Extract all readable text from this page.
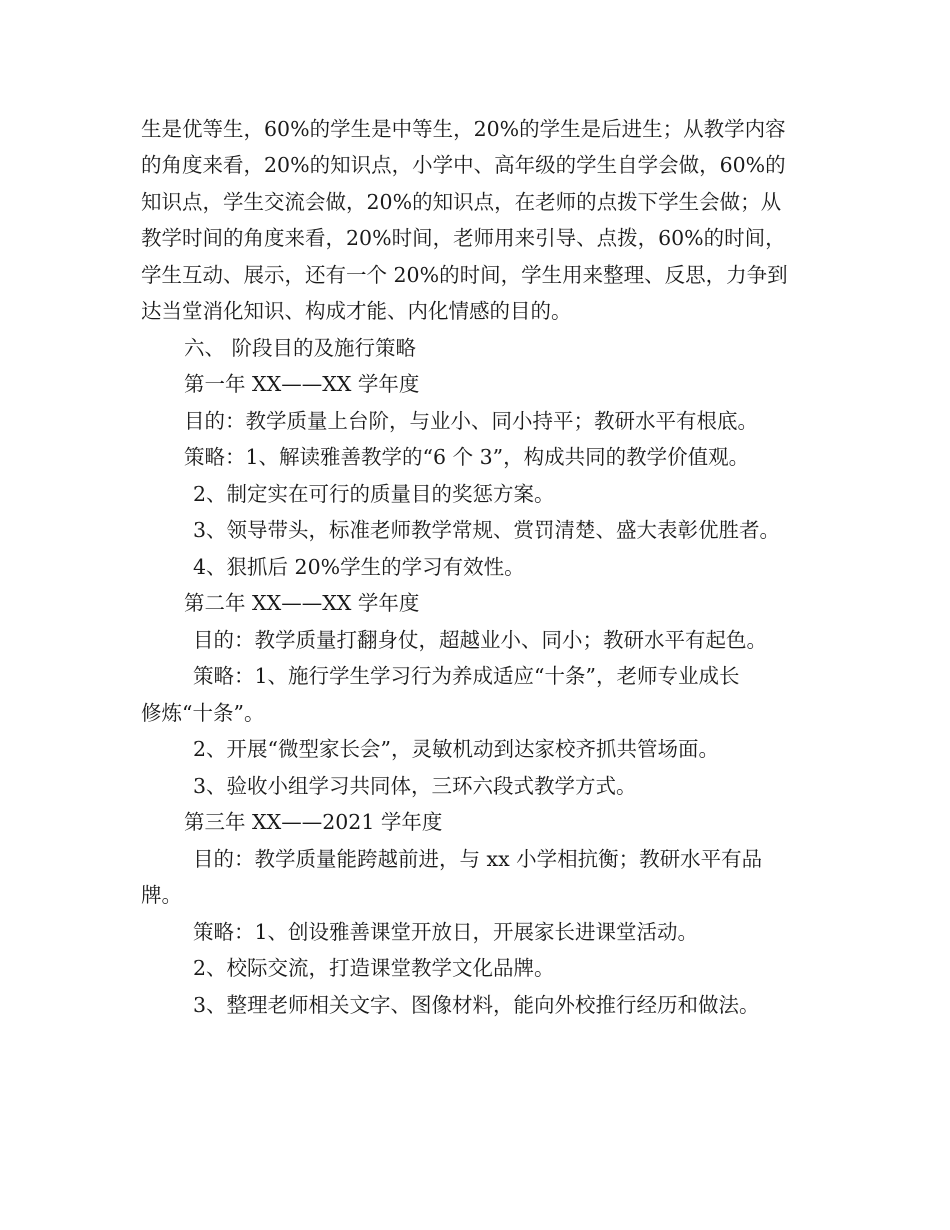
生是优等生，60%的学生是中等生，20%的学生是后进生；从教学内容
的角度来看，20%的知识点，小学中、高年级的学生自学会做，60%的
知识点，学生交流会做，20%的知识点，在老师的点拨下学生会做；从
教学时间的角度来看，20%时间，老师用来引导、点拨，60%的时间，
学生互动、展示，还有一个 20%的时间，学生用来整理、反思，力争到
达当堂消化知识、构成才能、内化情感的目的。
六、 阶段目的及施行策略
第一年 XX——XX 学年度
目的：教学质量上台阶，与业小、同小持平；教研水平有根底。
策略：1、解读雅善教学的“6 个 3”，构成共同的教学价值观。
2、制定实在可行的质量目的奖惩方案。
3、领导带头，标准老师教学常规、赏罚清楚、盛大表彰优胜者。
4、狠抓后 20%学生的学习有效性。
第二年 XX——XX 学年度
目的：教学质量打翻身仗，超越业小、同小；教研水平有起色。
策略：1、施行学生学习行为养成适应“十条”，老师专业成长
修炼“十条”。
2、开展“微型家长会”，灵敏机动到达家校齐抓共管场面。
3、验收小组学习共同体，三环六段式教学方式。
第三年 XX——2021 学年度
目的：教学质量能跨越前进，与 xx 小学相抗衡；教研水平有品
牌。
策略：1、创设雅善课堂开放日，开展家长进课堂活动。
2、校际交流，打造课堂教学文化品牌。
3、整理老师相关文字、图像材料，能向外校推行经历和做法。
